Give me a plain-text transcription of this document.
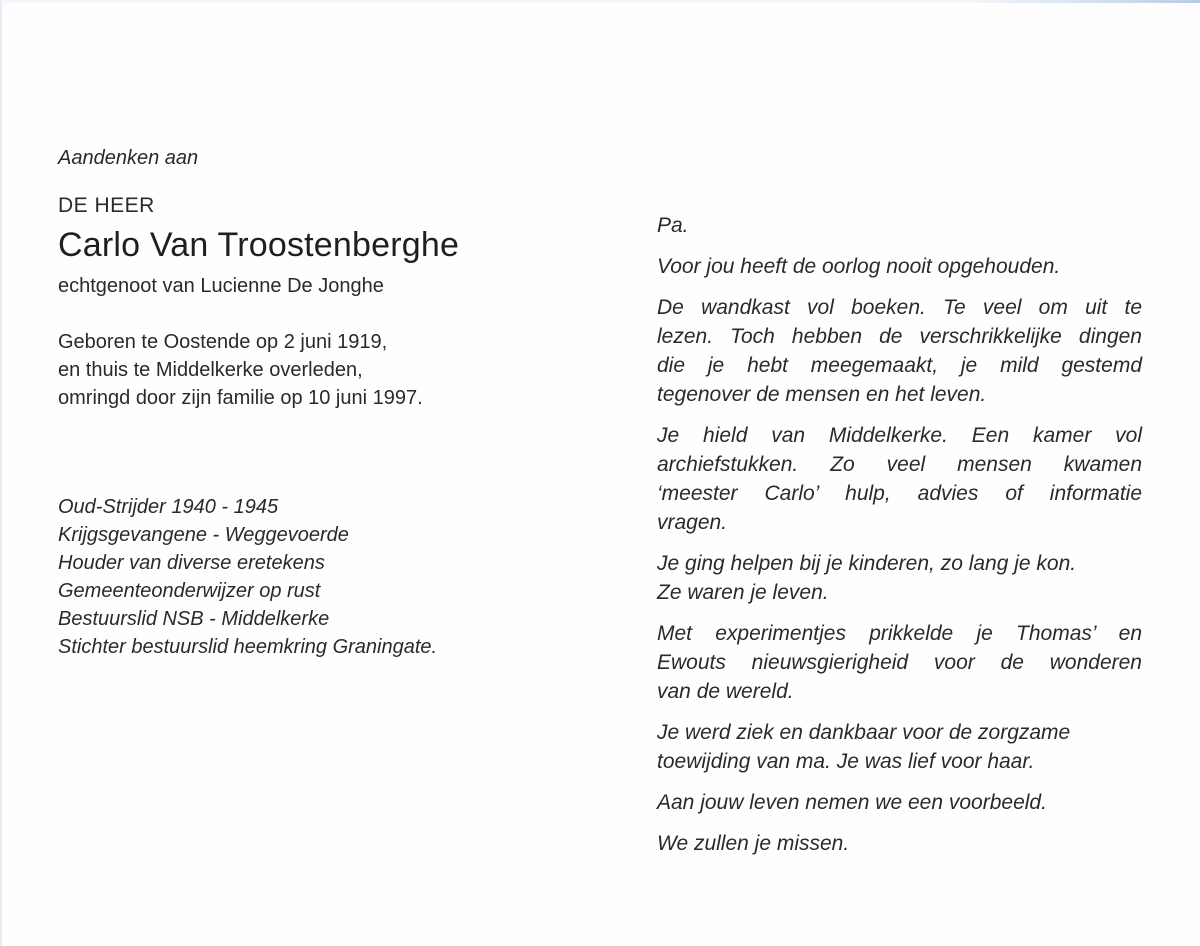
Aandenken aan
DE HEER
Carlo Van Troostenberghe
echtgenoot van Lucienne De Jonghe
Geboren te Oostende op 2 juni 1919,
en thuis te Middelkerke overleden,
omringd door zijn familie op 10 juni 1997.
Oud-Strijder 1940 - 1945
Krijgsgevangene - Weggevoerde
Houder van diverse eretekens
Gemeenteonderwijzer op rust
Bestuurslid NSB - Middelkerke
Stichter bestuurslid heemkring Graningate.
Pa.
Voor jou heeft de oorlog nooit opgehouden.
De wandkast vol boeken. Te veel om uit te
lezen. Toch hebben de verschrikkelijke dingen
die je hebt meegemaakt, je mild gestemd
tegenover de mensen en het leven.
Je hield van Middelkerke. Een kamer vol
archiefstukken. Zo veel mensen kwamen
‘meester Carlo’ hulp, advies of informatie
vragen.
Je ging helpen bij je kinderen, zo lang je kon.
Ze waren je leven.
Met experimentjes prikkelde je Thomas’ en
Ewouts nieuwsgierigheid voor de wonderen
van de wereld.
Je werd ziek en dankbaar voor de zorgzame
toewijding van ma. Je was lief voor haar.
Aan jouw leven nemen we een voorbeeld.
We zullen je missen.
